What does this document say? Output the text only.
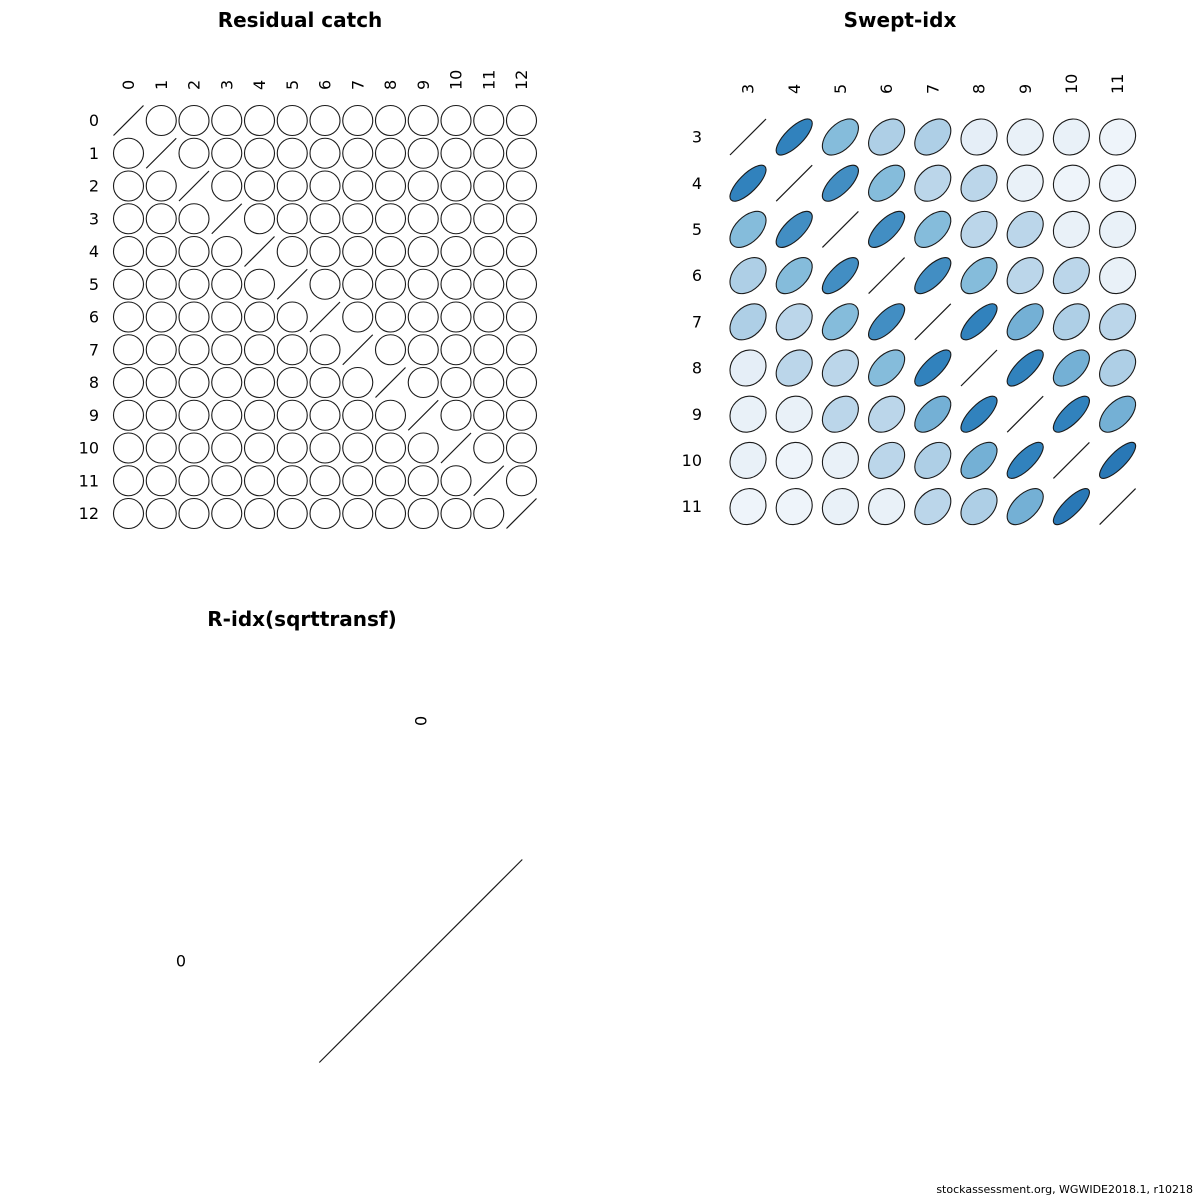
Residual catch	Swept-idx
R-idx(sqrttransf)
0 1 2 3 4 5 6 7 8 9 10 11 12
0
1
2
3
4
5
6
7
8
9
10
11
12
3 4 5 6 7 8 9 10 11
3
4
5
6
7
8
9
10
11
0
0
stockassessment.org, WGWIDE2018.1, r10218
